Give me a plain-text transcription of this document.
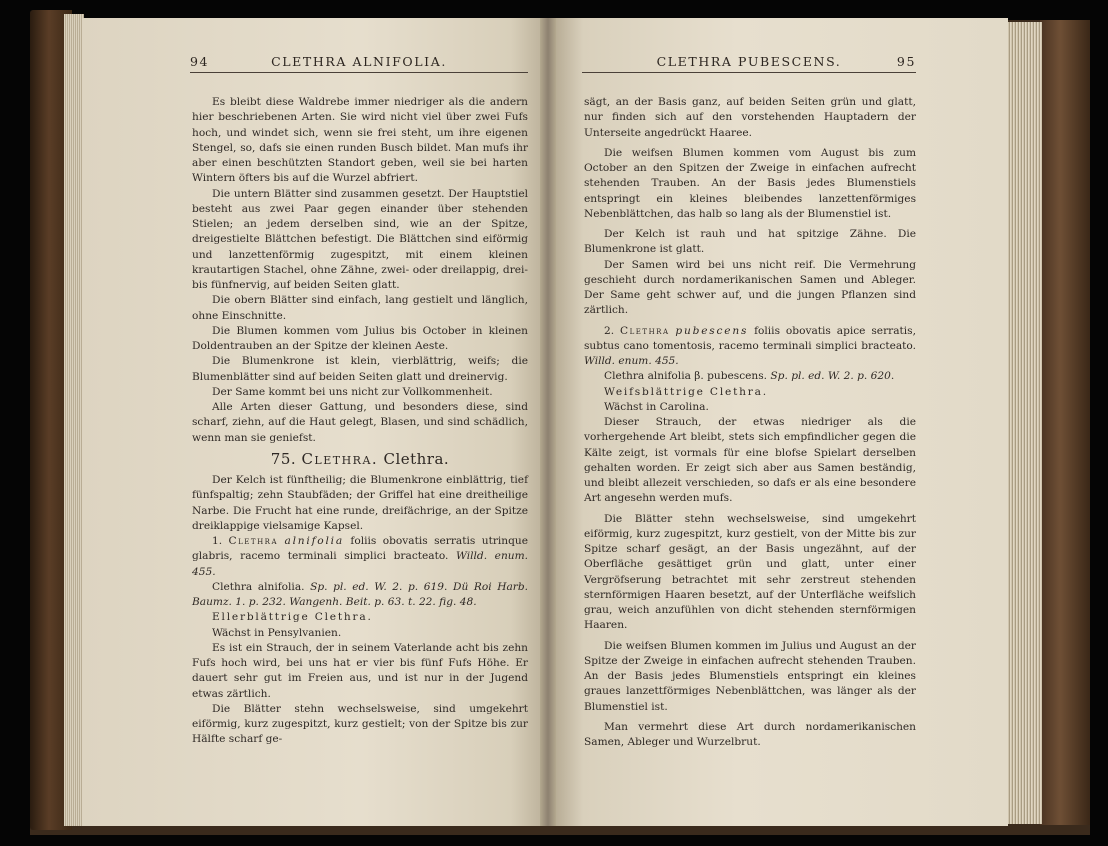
94	CLETHRA ALNIFOLIA.

Es bleibt diese Waldrebe immer niedriger als die andern hier beschriebenen Arten. Sie wird nicht viel über zwei Fufs hoch, und windet sich, wenn sie frei steht, um ihre eigenen Stengel, so, dafs sie einen runden Busch bildet. Man mufs ihr aber einen beschützten Standort geben, weil sie bei harten Wintern öfters bis auf die Wurzel abfriert.

Die untern Blätter sind zusammen gesetzt. Der Hauptstiel besteht aus zwei Paar gegen einander über stehenden Stielen; an jedem derselben sind, wie an der Spitze, dreigestielte Blättchen befestigt. Die Blättchen sind eiförmig und lanzettenförmig zugespitzt, mit einem kleinen krautartigen Stachel, ohne Zähne, zwei- oder dreilappig, drei- bis fünfnervig, auf beiden Seiten glatt.

Die obern Blätter sind einfach, lang gestielt und länglich, ohne Einschnitte.

Die Blumen kommen vom Julius bis October in kleinen Doldentrauben an der Spitze der kleinen Aeste.

Die Blumenkrone ist klein, vierblättrig, weifs; die Blumenblätter sind auf beiden Seiten glatt und dreinervig.

Der Same kommt bei uns nicht zur Vollkommenheit.

Alle Arten dieser Gattung, und besonders diese, sind scharf, ziehn, auf die Haut gelegt, Blasen, und sind schädlich, wenn man sie geniefst.

75. Clethra. Clethra.

Der Kelch ist fünftheilig; die Blumenkrone einblättrig, tief fünfspaltig; zehn Staubfäden; der Griffel hat eine dreitheilige Narbe. Die Frucht hat eine runde, dreifächrige, an der Spitze dreiklappige vielsamige Kapsel.

1. Clethra alnifolia foliis obovatis serratis utrinque glabris, racemo terminali simplici bracteato. Willd. enum. 455.

Clethra alnifolia. Sp. pl. ed. W. 2. p. 619. Dü Roi Harb. Baumz. 1. p. 232. Wangenh. Beit. p. 63. t. 22. fig. 48.

Ellerblättrige Clethra.

Wächst in Pensylvanien.

Es ist ein Strauch, der in seinem Vaterlande acht bis zehn Fufs hoch wird, bei uns hat er vier bis fünf Fufs Höhe. Er dauert sehr gut im Freien aus, und ist nur in der Jugend etwas zärtlich.

Die Blätter stehn wechselsweise, sind umgekehrt eiförmig, kurz zugespitzt, kurz gestielt; von der Spitze bis zur Hälfte scharf ge-

CLETHRA PUBESCENS.	95

sägt, an der Basis ganz, auf beiden Seiten grün und glatt, nur finden sich auf den vorstehenden Hauptadern der Unterseite angedrückt Haaree.

Die weifsen Blumen kommen vom August bis zum October an den Spitzen der Zweige in einfachen aufrecht stehenden Trauben. An der Basis jedes Blumenstiels entspringt ein kleines bleibendes lanzettenförmiges Nebenblättchen, das halb so lang als der Blumenstiel ist.

Der Kelch ist rauh und hat spitzige Zähne. Die Blumenkrone ist glatt.

Der Samen wird bei uns nicht reif. Die Vermehrung geschieht durch nordamerikanischen Samen und Ableger. Der Same geht schwer auf, und die jungen Pflanzen sind zärtlich.

2. Clethra pubescens foliis obovatis apice serratis, subtus cano tomentosis, racemo terminali simplici bracteato. Willd. enum. 455.

Clethra alnifolia β. pubescens. Sp. pl. ed. W. 2. p. 620.

Weifsblättrige Clethra.

Wächst in Carolina.

Dieser Strauch, der etwas niedriger als die vorhergehende Art bleibt, stets sich empfindlicher gegen die Kälte zeigt, ist vormals für eine blofse Spielart derselben gehalten worden. Er zeigt sich aber aus Samen beständig, und bleibt allezeit verschieden, so dafs er als eine besondere Art angesehn werden mufs.

Die Blätter stehn wechselsweise, sind umgekehrt eiförmig, kurz zugespitzt, kurz gestielt, von der Mitte bis zur Spitze scharf gesägt, an der Basis ungezähnt, auf der Oberfläche gesättiget grün und glatt, unter einer Vergröfserung betrachtet mit sehr zerstreut stehenden sternförmigen Haaren besetzt, auf der Unterfläche weifslich grau, weich anzufühlen von dicht stehenden sternförmigen Haaren.

Die weifsen Blumen kommen im Julius und August an der Spitze der Zweige in einfachen aufrecht stehenden Trauben. An der Basis jedes Blumenstiels entspringt ein kleines graues lanzettförmiges Nebenblättchen, was länger als der Blumenstiel ist.

Man vermehrt diese Art durch nordamerikanischen Samen, Ableger und Wurzelbrut.
